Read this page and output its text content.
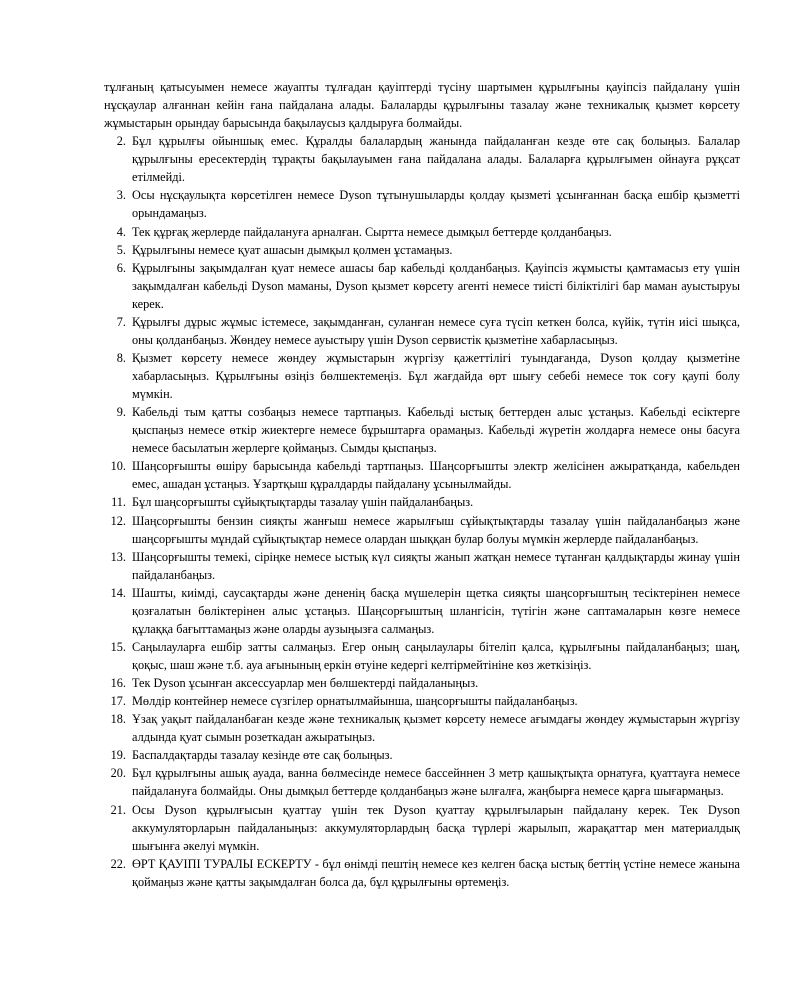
тұлғаның қатысуымен немесе жауапты тұлғадан қауіптерді түсіну шартымен құрылғыны қауіпсіз пайдалану үшін нұсқаулар алғаннан кейін ғана пайдалана алады. Балаларды құрылғыны тазалау және техникалық қызмет көрсету жұмыстарын орындау барысында бақылаусыз қалдыруға болмайды.

2. Бұл құрылғы ойыншық емес. Құралды балалардың жанында пайдаланған кезде өте сақ болыңыз. Балалар құрылғыны ересектердің тұрақты бақылауымен ғана пайдалана алады. Балаларға құрылғымен ойнауға рұқсат етілмейді.
3. Осы нұсқаулықта көрсетілген немесе Dyson тұтынушыларды қолдау қызметі ұсынғаннан басқа ешбір қызметті орындамаңыз.
4. Тек құрғақ жерлерде пайдалануға арналған. Сыртта немесе дымқыл беттерде қолданбаңыз.
5. Құрылғыны немесе қуат ашасын дымқыл қолмен ұстамаңыз.
6. Құрылғыны зақымдалған қуат немесе ашасы бар кабельді қолданбаңыз. Қауіпсіз жұмысты қамтамасыз ету үшін зақымдалған кабельді Dyson маманы, Dyson қызмет көрсету агенті немесе тиісті біліктілігі бар маман ауыстыруы керек.
7. Құрылғы дұрыс жұмыс істемесе, зақымданған, суланған немесе суға түсіп кеткен болса, күйік, түтін иісі шықса, оны қолданбаңыз. Жөндеу немесе ауыстыру үшін Dyson сервистік қызметіне хабарласыңыз.
8. Қызмет көрсету немесе жөндеу жұмыстарын жүргізу қажеттілігі туындағанда, Dyson қолдау қызметіне хабарласыңыз. Құрылғыны өзіңіз бөлшектемеңіз. Бұл жағдайда өрт шығу себебі немесе ток соғу қаупі болу мүмкін.
9. Кабельді тым қатты созбаңыз немесе тартпаңыз. Кабельді ыстық беттерден алыс ұстаңыз. Кабельді есіктерге қыспаңыз немесе өткір жиектерге немесе бұрыштарға орамаңыз. Кабельді жүретін жолдарға немесе оны басуға немесе басылатын жерлерге қоймаңыз. Сымды қыспаңыз.
10. Шаңсорғышты өшіру барысында кабельді тартпаңыз. Шаңсорғышты электр желісінен ажыратқанда, кабельден емес, ашадан ұстаңыз. Ұзартқыш құралдарды пайдалану ұсынылмайды.
11. Бұл шаңсорғышты сұйықтықтарды тазалау үшін пайдаланбаңыз.
12. Шаңсорғышты бензин сияқты жанғыш немесе жарылғыш сұйықтықтарды тазалау үшін пайдаланбаңыз және шаңсорғышты мұндай сұйықтықтар немесе олардан шыққан булар болуы мүмкін жерлерде пайдаланбаңыз.
13. Шаңсорғышты темекі, сіріңке немесе ыстық күл сияқты жанып жатқан немесе тұтанған қалдықтарды жинау үшін пайдаланбаңыз.
14. Шашты, киімді, саусақтарды және дененің басқа мүшелерін щетка сияқты шаңсорғыштың тесіктерінен немесе қозғалатын бөліктерінен алыс ұстаңыз. Шаңсорғыштың шлангісін, түтігін және саптамаларын көзге немесе құлаққа бағыттамаңыз және оларды аузыңызға салмаңыз.
15. Саңылауларға ешбір затты салмаңыз. Егер оның саңылаулары бітеліп қалса, құрылғыны пайдаланбаңыз; шаң, қоқыс, шаш және т.б. ауа ағынының еркін өтуіне кедергі келтірмейтініне көз жеткізіңіз.
16. Тек Dyson ұсынған аксессуарлар мен бөлшектерді пайдаланыңыз.
17. Мөлдір контейнер немесе сүзгілер орнатылмайынша, шаңсорғышты пайдаланбаңыз.
18. Ұзақ уақыт пайдаланбаған кезде және техникалық қызмет көрсету немесе ағымдағы жөндеу жұмыстарын жүргізу алдында қуат сымын розеткадан ажыратыңыз.
19. Баспалдақтарды тазалау кезінде өте сақ болыңыз.
20. Бұл құрылғыны ашық ауада, ванна бөлмесінде немесе бассейннен 3 метр қашықтықта орнатуға, қуаттауға немесе пайдалануға болмайды. Оны дымқыл беттерде қолданбаңыз және ылғалға, жаңбырға немесе қарға шығармаңыз.
21. Осы Dyson құрылғысын қуаттау үшін тек Dyson қуаттау құрылғыларын пайдалану керек. Тек Dyson аккумуляторларын пайдаланыңыз: аккумуляторлардың басқа түрлері жарылып, жарақаттар мен материалдық шығынға әкелуі мүмкін.
22. ӨРТ ҚАУІПІ ТУРАЛЫ ЕСКЕРТУ - бұл өнімді пештің немесе кез келген басқа ыстық беттің үстіне немесе жанына қоймаңыз және қатты зақымдалған болса да, бұл құрылғыны өртемеңіз.
